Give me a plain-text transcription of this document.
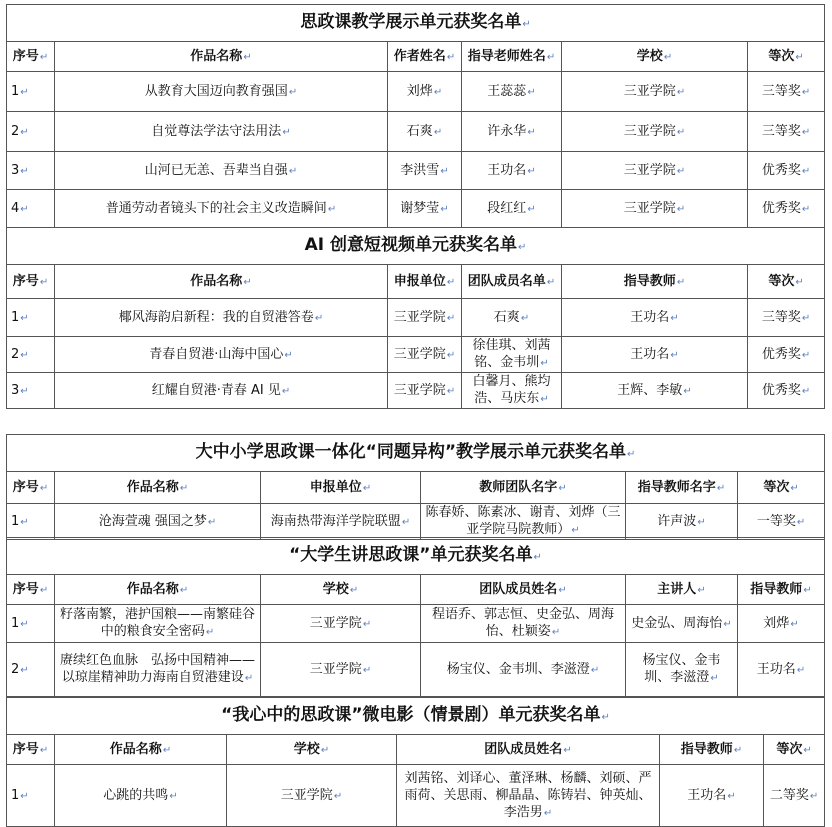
思政课教学展示单元获奖名单↵					
序号↵	作品名称↵	作者姓名↵	指导老师姓名↵	学校↵	等次↵
1↵	从教育大国迈向教育强国↵	刘烨↵	王蕊蕊↵	三亚学院↵	三等奖↵
2↵	自觉尊法学法守法用法↵	石爽↵	许永华↵	三亚学院↵	三等奖↵
3↵	山河已无恙、吾辈当自强↵	李洪雪↵	王功名↵	三亚学院↵	优秀奖↵
4↵	普通劳动者镜头下的社会主义改造瞬间↵	谢梦莹↵	段红红↵	三亚学院↵	优秀奖↵
AI 创意短视频单元获奖名单↵					
序号↵	作品名称↵	申报单位↵	团队成员名单↵	指导教师↵	等次↵
1↵	椰风海韵启新程：我的自贸港答卷↵	三亚学院↵	石爽↵	王功名↵	三等奖↵
2↵	青春自贸港·山海中国心↵	三亚学院↵	徐佳琪、刘茜铭、金韦圳↵	王功名↵	优秀奖↵
3↵	红耀自贸港·青春 AI 见↵	三亚学院↵	白馨月、熊均浩、马庆东↵	王辉、李敏↵	优秀奖↵
大中小学思政课一体化“同题异构”教学展示单元获奖名单↵					
序号↵	作品名称↵	申报单位↵	教师团队名字↵	指导教师名字↵	等次↵
1↵	沧海萱魂 强国之梦↵	海南热带海洋学院联盟↵	陈春娇、陈素冰、谢青、刘烨（三亚学院马院教师）↵	许声波↵	一等奖↵
“大学生讲思政课”单元获奖名单↵					
序号↵	作品名称↵	学校↵	团队成员姓名↵	主讲人↵	指导教师↵
1↵	籽落南繁，港护国粮——南繁硅谷中的粮食安全密码↵	三亚学院↵	程语乔、郭志恒、史金弘、周海怡、杜颖姿↵	史金弘、周海怡↵	刘烨↵
2↵	赓续红色血脉　弘扬中国精神——以琼崖精神助力海南自贸港建设↵	三亚学院↵	杨宝仪、金韦圳、李滋澄↵	杨宝仪、金韦圳、李滋澄↵	王功名↵
“我心中的思政课”微电影（情景剧）单元获奖名单↵					
序号↵	作品名称↵	学校↵	团队成员姓名↵	指导教师↵	等次↵
1↵	心跳的共鸣↵	三亚学院↵	刘茜铭、刘译心、董泽琳、杨麟、刘硕、严雨荷、关思雨、柳晶晶、陈铸岩、钟英灿、李浩男↵	王功名↵	二等奖↵
